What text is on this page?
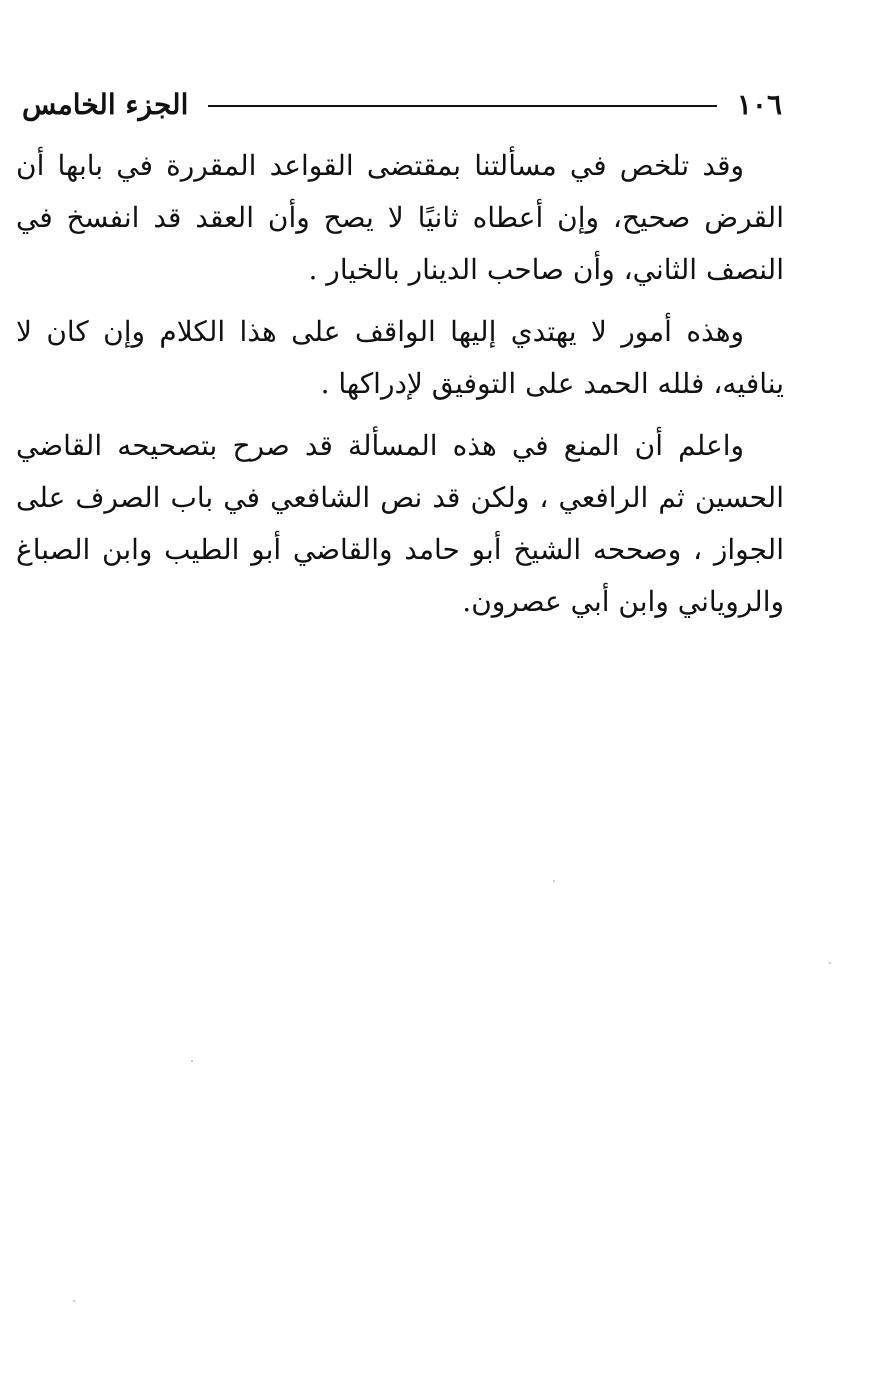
١٠٦
الجزء الخامس

وقد تلخص في مسألتنا بمقتضى القواعد المقررة في بابها أن القرض صحيح، وإن أعطاه ثانيًا لا يصح وأن العقد قد انفسخ في النصف الثاني، وأن صاحب الدينار بالخيار .

وهذه أمور لا يهتدي إليها الواقف على هذا الكلام وإن كان لا ينافيه، فلله الحمد على التوفيق لإدراكها .

واعلم أن المنع في هذه المسألة قد صرح بتصحيحه القاضي الحسين ثم الرافعي ، ولكن قد نص الشافعي في باب الصرف على الجواز ، وصححه الشيخ أبو حامد والقاضي أبو الطيب وابن الصباغ والروياني وابن أبي عصرون.
